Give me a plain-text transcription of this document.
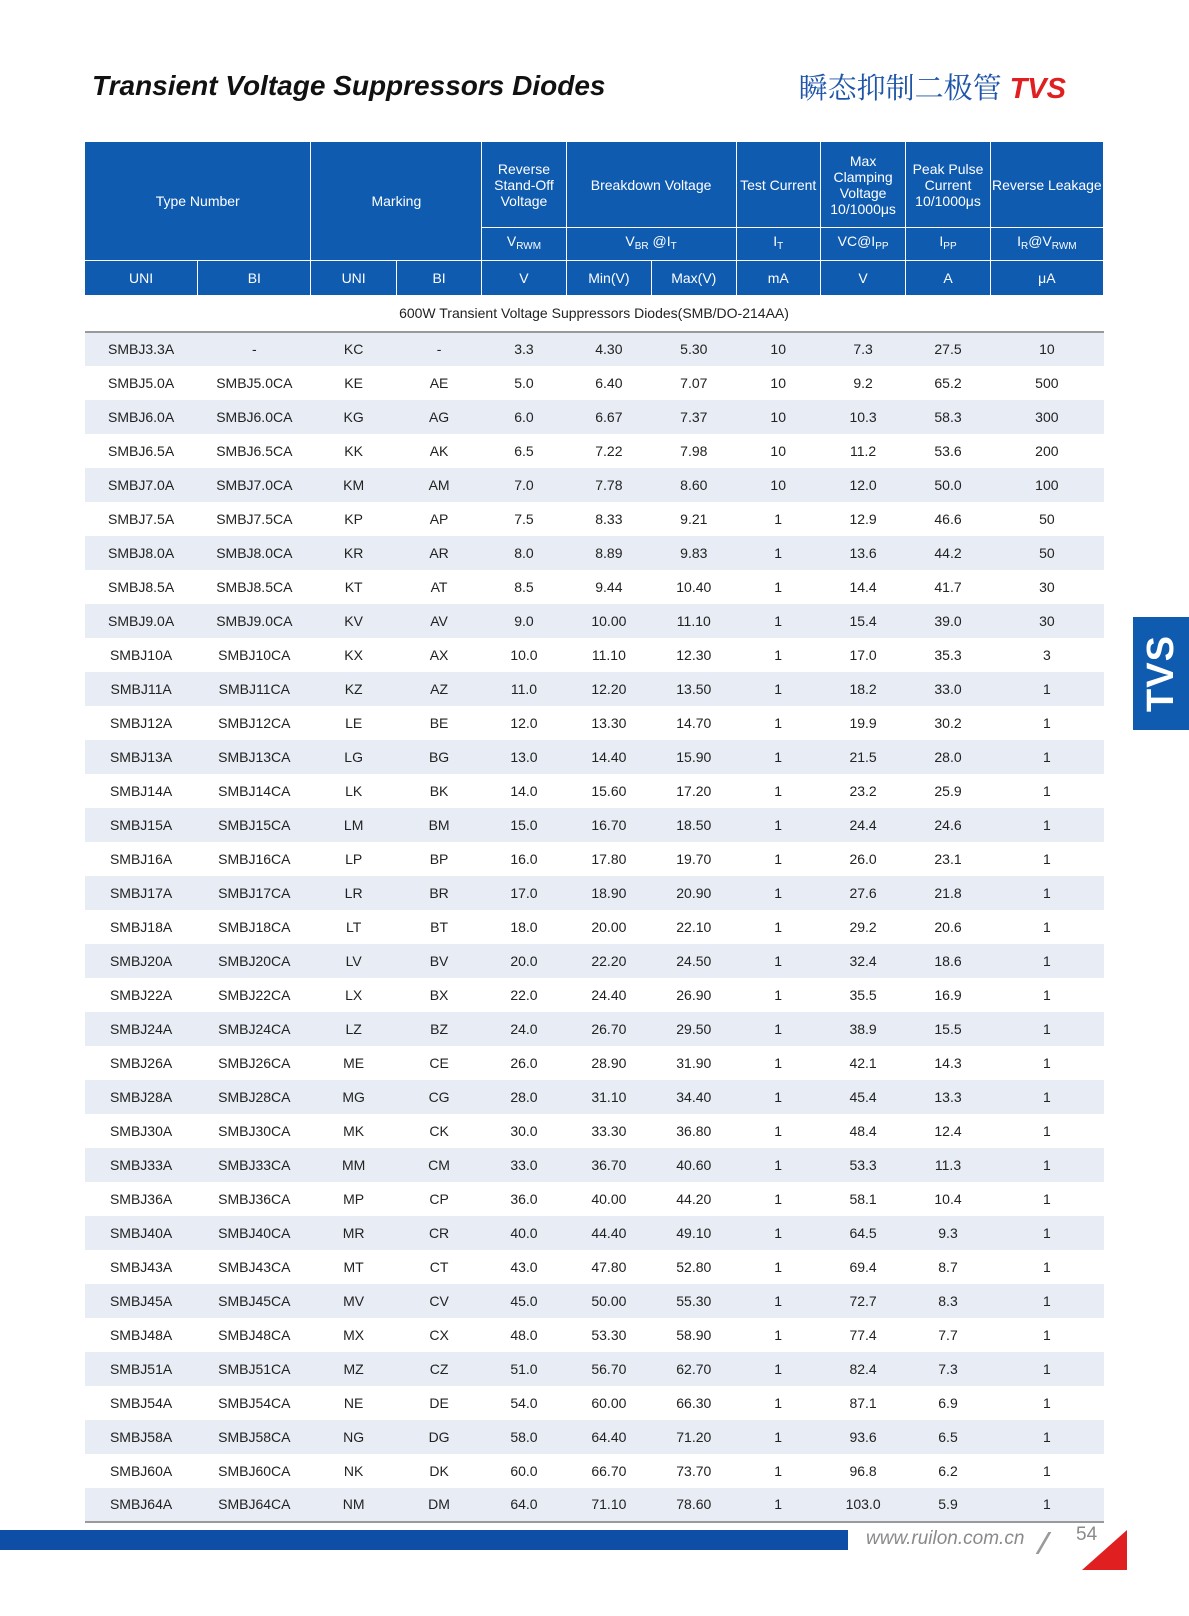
Transient Voltage Suppressors Diodes	瞬态抑制二极管 TVS
Type Number		Marking		Reverse Stand-Off Voltage	Breakdown Voltage		Test Current	Max Clamping Voltage 10/1000μs	Peak Pulse Current 10/1000μs	Reverse Leakage
				$V_{RWM}$	$V_{BR}$ $@I_T$		$I_T$	$VC@I_{PP}$	$I_{PP}$	$I_R@V_{RWM}$
UNI	BI	UNI	BI	V	Min(V)	Max(V)	mA	V	A	μA
600W Transient Voltage Suppressors Diodes(SMB/DO-214AA)										
SMBJ3.3A	-	KC	-	3.3	4.30	5.30	10	7.3	27.5	10
SMBJ5.0A	SMBJ5.0CA	KE	AE	5.0	6.40	7.07	10	9.2	65.2	500
SMBJ6.0A	SMBJ6.0CA	KG	AG	6.0	6.67	7.37	10	10.3	58.3	300
SMBJ6.5A	SMBJ6.5CA	KK	AK	6.5	7.22	7.98	10	11.2	53.6	200
SMBJ7.0A	SMBJ7.0CA	KM	AM	7.0	7.78	8.60	10	12.0	50.0	100
SMBJ7.5A	SMBJ7.5CA	KP	AP	7.5	8.33	9.21	1	12.9	46.6	50
SMBJ8.0A	SMBJ8.0CA	KR	AR	8.0	8.89	9.83	1	13.6	44.2	50
SMBJ8.5A	SMBJ8.5CA	KT	AT	8.5	9.44	10.40	1	14.4	41.7	30
SMBJ9.0A	SMBJ9.0CA	KV	AV	9.0	10.00	11.10	1	15.4	39.0	30
SMBJ10A	SMBJ10CA	KX	AX	10.0	11.10	12.30	1	17.0	35.3	3
SMBJ11A	SMBJ11CA	KZ	AZ	11.0	12.20	13.50	1	18.2	33.0	1
SMBJ12A	SMBJ12CA	LE	BE	12.0	13.30	14.70	1	19.9	30.2	1
SMBJ13A	SMBJ13CA	LG	BG	13.0	14.40	15.90	1	21.5	28.0	1
SMBJ14A	SMBJ14CA	LK	BK	14.0	15.60	17.20	1	23.2	25.9	1
SMBJ15A	SMBJ15CA	LM	BM	15.0	16.70	18.50	1	24.4	24.6	1
SMBJ16A	SMBJ16CA	LP	BP	16.0	17.80	19.70	1	26.0	23.1	1
SMBJ17A	SMBJ17CA	LR	BR	17.0	18.90	20.90	1	27.6	21.8	1
SMBJ18A	SMBJ18CA	LT	BT	18.0	20.00	22.10	1	29.2	20.6	1
SMBJ20A	SMBJ20CA	LV	BV	20.0	22.20	24.50	1	32.4	18.6	1
SMBJ22A	SMBJ22CA	LX	BX	22.0	24.40	26.90	1	35.5	16.9	1
SMBJ24A	SMBJ24CA	LZ	BZ	24.0	26.70	29.50	1	38.9	15.5	1
SMBJ26A	SMBJ26CA	ME	CE	26.0	28.90	31.90	1	42.1	14.3	1
SMBJ28A	SMBJ28CA	MG	CG	28.0	31.10	34.40	1	45.4	13.3	1
SMBJ30A	SMBJ30CA	MK	CK	30.0	33.30	36.80	1	48.4	12.4	1
SMBJ33A	SMBJ33CA	MM	CM	33.0	36.70	40.60	1	53.3	11.3	1
SMBJ36A	SMBJ36CA	MP	CP	36.0	40.00	44.20	1	58.1	10.4	1
SMBJ40A	SMBJ40CA	MR	CR	40.0	44.40	49.10	1	64.5	9.3	1
SMBJ43A	SMBJ43CA	MT	CT	43.0	47.80	52.80	1	69.4	8.7	1
SMBJ45A	SMBJ45CA	MV	CV	45.0	50.00	55.30	1	72.7	8.3	1
SMBJ48A	SMBJ48CA	MX	CX	48.0	53.30	58.90	1	77.4	7.7	1
SMBJ51A	SMBJ51CA	MZ	CZ	51.0	56.70	62.70	1	82.4	7.3	1
SMBJ54A	SMBJ54CA	NE	DE	54.0	60.00	66.30	1	87.1	6.9	1
SMBJ58A	SMBJ58CA	NG	DG	58.0	64.40	71.20	1	93.6	6.5	1
SMBJ60A	SMBJ60CA	NK	DK	60.0	66.70	73.70	1	96.8	6.2	1
SMBJ64A	SMBJ64CA	NM	DM	64.0	71.10	78.60	1	103.0	5.9	1
TVS
www.ruilon.com.cn	54
